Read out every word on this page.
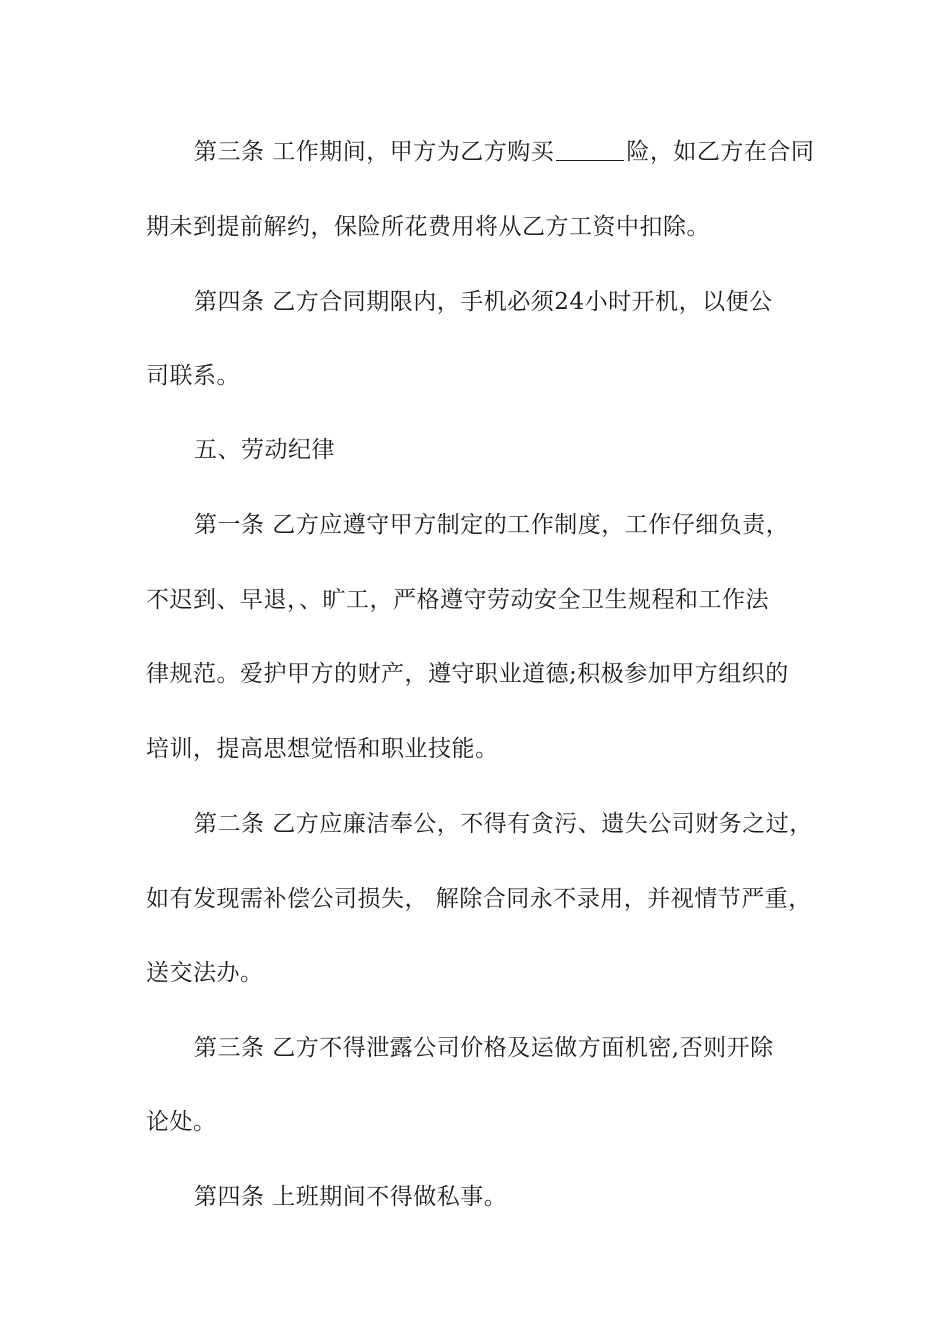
第三条 工作期间，甲方为乙方购买	险，如乙方在合同
期未到提前解约，保险所花费用将从乙方工资中扣除。
第四条 乙方合同期限内，手机必须24小时开机，以便公
司联系。
五、劳动纪律
第一条 乙方应遵守甲方制定的工作制度，工作仔细负责，
不迟到、早退，、旷工，严格遵守劳动安全卫生规程和工作法
律规范。爱护甲方的财产，遵守职业道德;积极参加甲方组织的
培训，提高思想觉悟和职业技能。
第二条 乙方应廉洁奉公，不得有贪污、遗失公司财务之过，
如有发现需补偿公司损失， 解除合同永不录用，并视情节严重，
送交法办。
第三条 乙方不得泄露公司价格及运做方面机密,否则开除
论处。
第四条 上班期间不得做私事。
